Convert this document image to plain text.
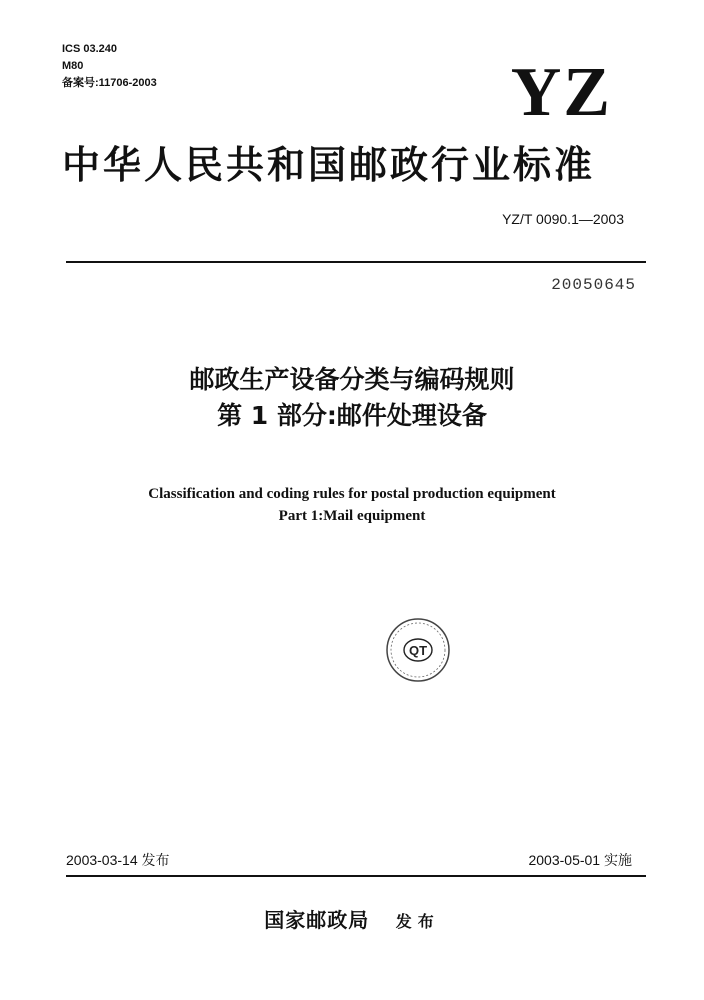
ICS 03.240
M80
备案号:11706-2003	YZ
中华人民共和国邮政行业标准
YZ/T 0090.1—2003
20050645
邮政生产设备分类与编码规则
第 1 部分:邮件处理设备
Classification and coding rules for postal production equipment
Part 1:Mail equipment
QT
2003-03-14 发布	2003-05-01 实施
国家邮政局 发布
